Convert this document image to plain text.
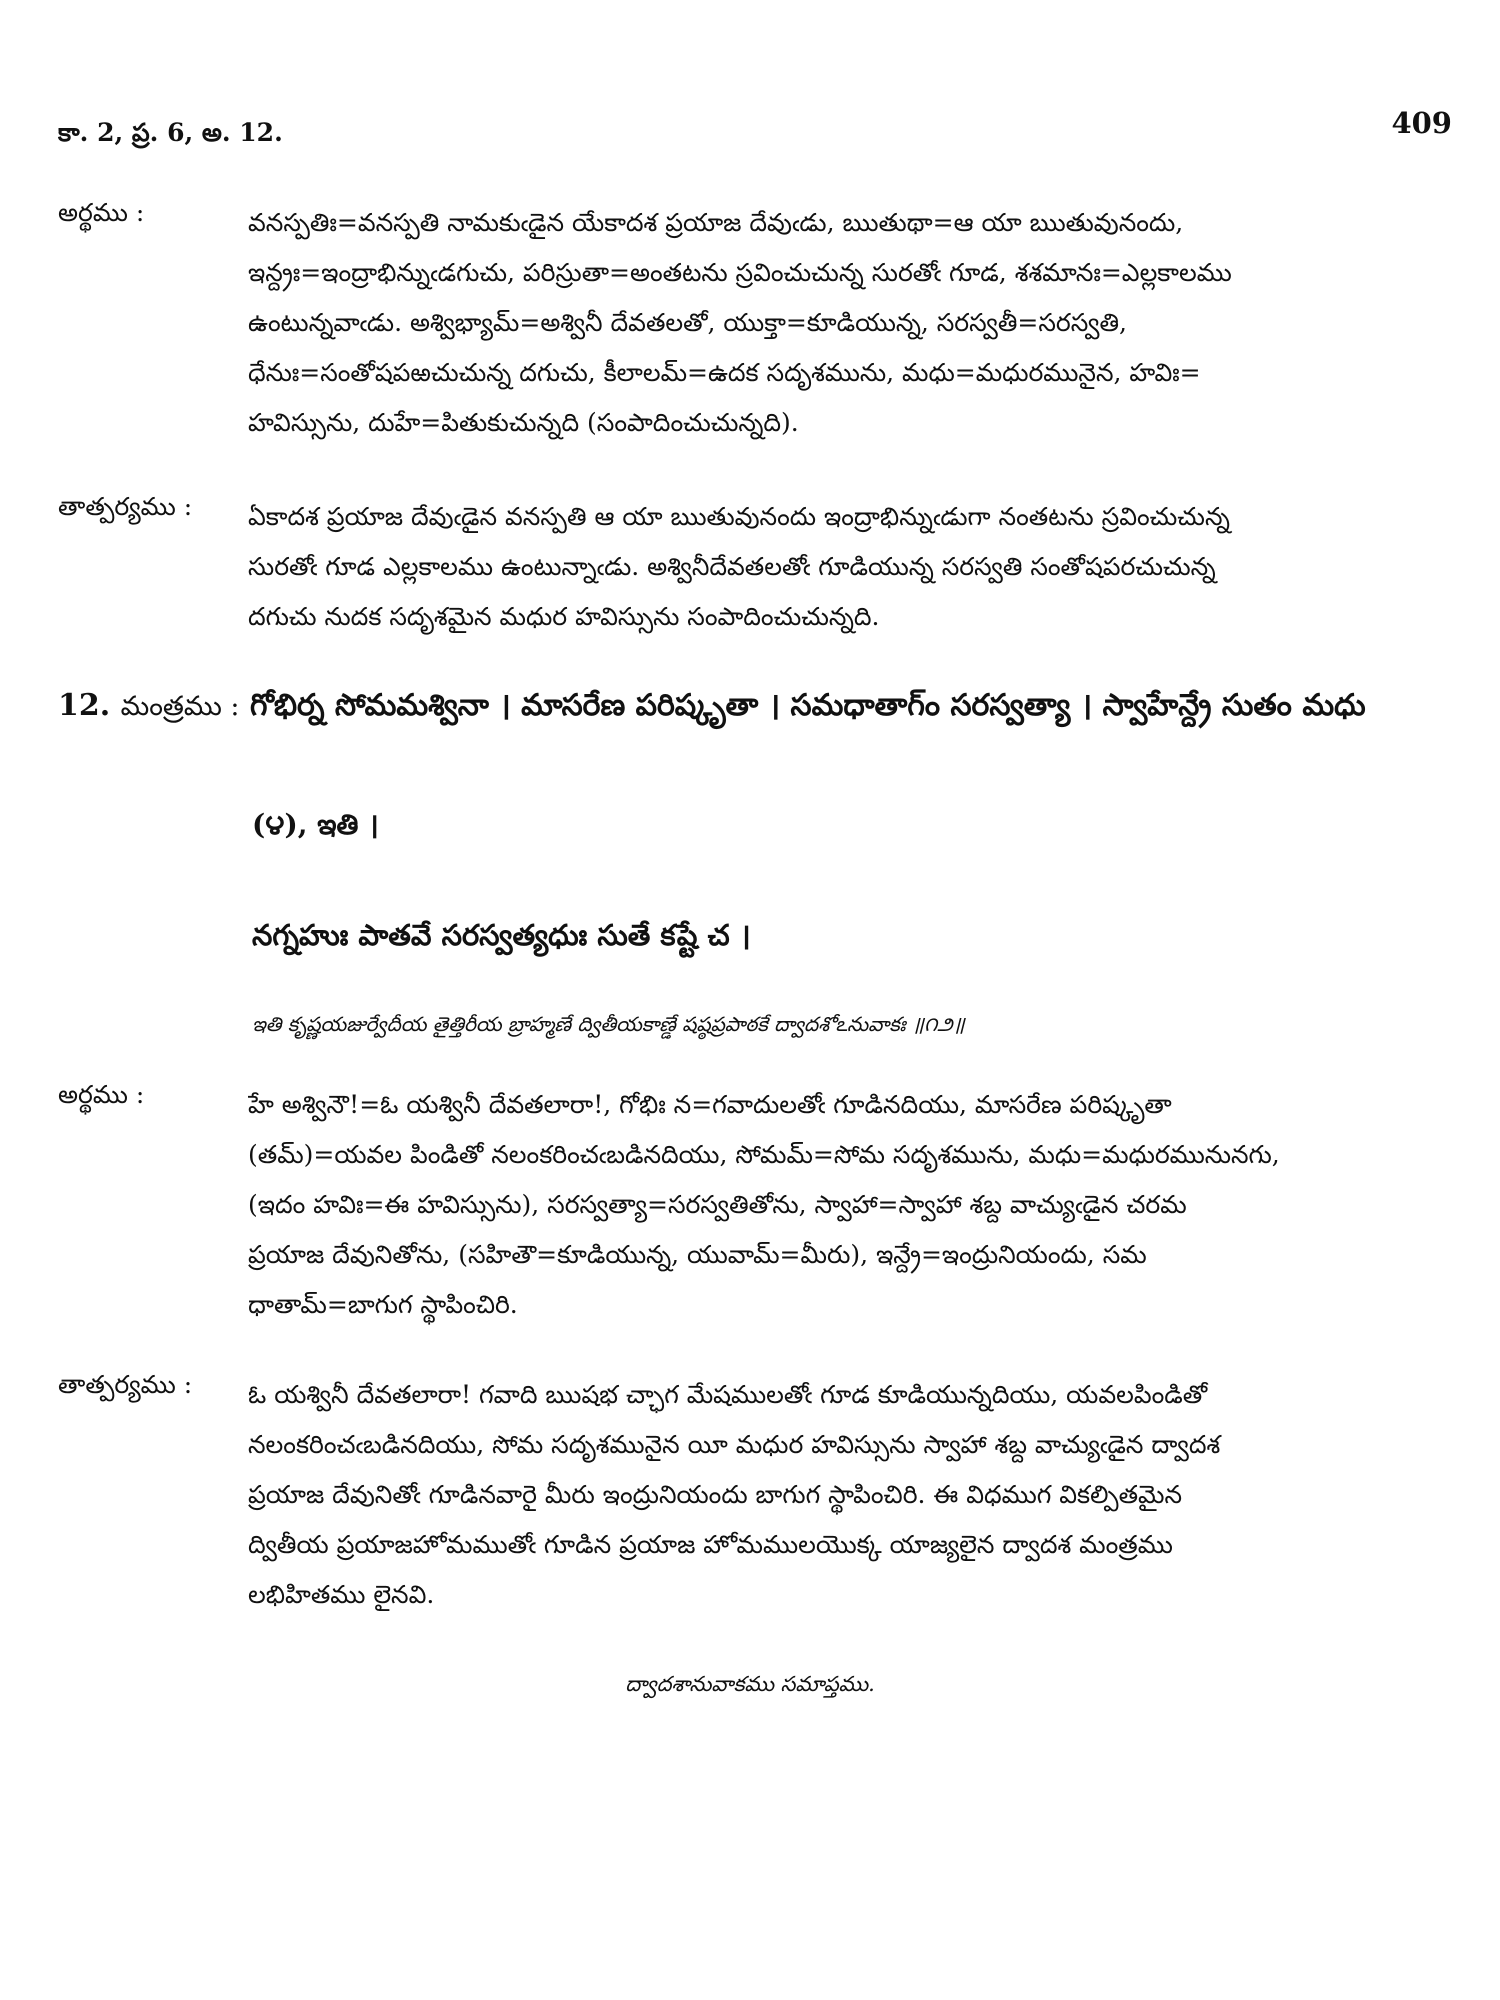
కా. 2, ప్ర. 6, అ. 12.	409
అర్థము :	వనస్పతిః=వనస్పతి నామకుఁడైన యేకాదశ ప్రయాజ దేవుఁడు, ఋతుథా=ఆ యా ఋతువునందు,
ఇన్ద్రః=ఇంద్రాభిన్నుఁడగుచు, పరిస్రుతా=అంతటను స్రవించుచున్న సురతోఁ గూడ, శశమానః=ఎల్లకాలము
ఉంటున్నవాఁడు. అశ్విభ్యామ్=అశ్వినీ దేవతలతో, యుక్తా=కూడియున్న, సరస్వతీ=సరస్వతి,
ధేనుః=సంతోషపఱచుచున్న దగుచు, కీలాలమ్=ఉదక సదృశమును, మధు=మధురమునైన, హవిః=
హవిస్సును, దుహే=పితుకుచున్నది (సంపాదించుచున్నది).
తాత్పర్యము :	ఏకాదశ ప్రయాజ దేవుఁడైన వనస్పతి ఆ యా ఋతువునందు ఇంద్రాభిన్నుఁడుగా నంతటను స్రవించుచున్న
సురతోఁ గూడ ఎల్లకాలము ఉంటున్నాఁడు. అశ్వినీదేవతలతోఁ గూడియున్న సరస్వతి సంతోషపరచుచున్న
దగుచు నుదక సదృశమైన మధుర హవిస్సును సంపాదించుచున్నది.
12. మంత్రము : గోభిర్న సోమమశ్వినా । మాసరేణ పరిష్కృతా । సమధాతాగ్ం సరస్వత్యా । స్వాహేన్ద్రే సుతం మధు
(౪), ఇతి ।
నగ్నహుః పాతవే సరస్వత్యధుః సుతే కష్టే చ ।
ఇతి కృష్ణయజుర్వేదీయ తైత్తిరీయ బ్రాహ్మణే ద్వితీయకాణ్డే షష్ఠప్రపాఠకే ద్వాదశోఽనువాకః ॥౧౨॥
అర్థము :	హే అశ్వినౌ!=ఓ యశ్వినీ దేవతలారా!, గోభిః న=గవాదులతోఁ గూడినదియు, మాసరేణ పరిష్కృతా
(తమ్)=యవల పిండితో నలంకరించఁబడినదియు, సోమమ్=సోమ సదృశమును, మధు=మధురమునునగు,
(ఇదం హవిః=ఈ హవిస్సును), సరస్వత్యా=సరస్వతితోను, స్వాహా=స్వాహా శబ్ద వాచ్యుఁడైన చరమ
ప్రయాజ దేవునితోను, (సహితౌ=కూడియున్న, యువామ్=మీరు), ఇన్ద్రే=ఇంద్రునియందు, సమ
ధాతామ్=బాగుగ స్థాపించిరి.
తాత్పర్యము :	ఓ యశ్వినీ దేవతలారా! గవాది ఋషభ చ్ఛాగ మేషములతోఁ గూడ కూడియున్నదియు, యవలపిండితో
నలంకరించఁబడినదియు, సోమ సదృశమునైన యీ మధుర హవిస్సును స్వాహా శబ్ద వాచ్యుఁడైన ద్వాదశ
ప్రయాజ దేవునితోఁ గూడినవారై మీరు ఇంద్రునియందు బాగుగ స్థాపించిరి. ఈ విధముగ వికల్పితమైన
ద్వితీయ ప్రయాజహోమముతోఁ గూడిన ప్రయాజ హోమములయొక్క యాజ్యలైన ద్వాదశ మంత్రము
లభిహితము లైనవి.
ద్వాదశానువాకము సమాప్తము.
